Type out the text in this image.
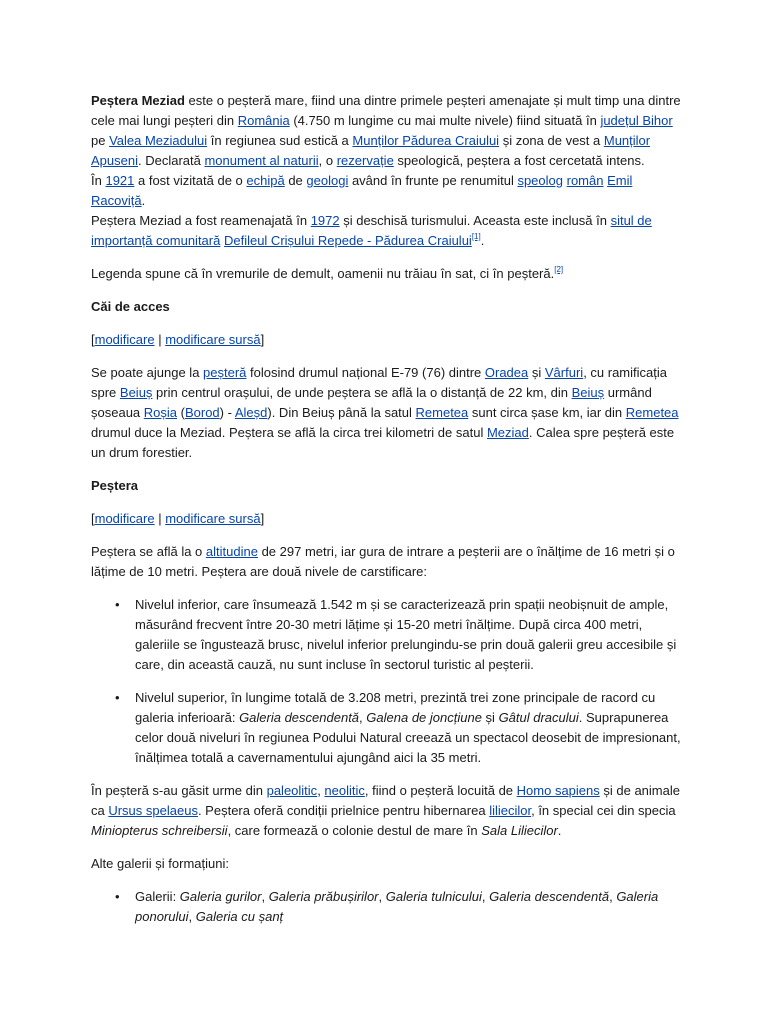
Peștera Meziad este o peșteră mare, fiind una dintre primele peșteri amenajate și mult timp una dintre cele mai lungi peșteri din România (4.750 m lungime cu mai multe nivele) fiind situată în județul Bihor pe Valea Meziadului în regiunea sud estică a Munților Pădurea Craiului și zona de vest a Munților Apuseni. Declarată monument al naturii, o rezervație speologică, peștera a fost cercetată intens.
În 1921 a fost vizitată de o echipă de geologi având în frunte pe renumitul speolog român Emil Racoviță.
Peștera Meziad a fost reamenajată în 1972 și deschisă turismului. Aceasta este inclusă în situl de importanță comunitară Defileul Crișului Repede - Pădurea Craiului[1].

Legenda spune că în vremurile de demult, oamenii nu trăiau în sat, ci în peșteră.[2]

Căi de acces

[modificare | modificare sursă]

Se poate ajunge la peșteră folosind drumul național E-79 (76) dintre Oradea și Vârfuri, cu ramificația spre Beiuș prin centrul orașului, de unde peștera se află la o distanță de 22 km, din Beiuș urmând șoseaua Roșia (Borod) - Aleșd). Din Beiuș până la satul Remetea sunt circa șase km, iar din Remetea drumul duce la Meziad. Peștera se află la circa trei kilometri de satul Meziad. Calea spre peșteră este un drum forestier.

Peștera

[modificare | modificare sursă]

Peștera se află la o altitudine de 297 metri, iar gura de intrare a peșterii are o înălțime de 16 metri și o lățime de 10 metri. Peștera are două nivele de carstificare:

• Nivelul inferior, care însumează 1.542 m și se caracterizează prin spații neobișnuit de ample, măsurând frecvent între 20-30 metri lățime și 15-20 metri înălțime. După circa 400 metri, galeriile se îngustează brusc, nivelul inferior prelungindu-se prin două galerii greu accesibile și care, din această cauză, nu sunt incluse în sectorul turistic al peșterii.
• Nivelul superior, în lungime totală de 3.208 metri, prezintă trei zone principale de racord cu galeria inferioară: Galeria descendentă, Galena de joncțiune și Gâtul dracului. Suprapunerea celor două niveluri în regiunea Podului Natural creează un spectacol deosebit de impresionant, înălțimea totală a cavernamentului ajungând aici la 35 metri.

În peșteră s-au găsit urme din paleolitic, neolitic, fiind o peșteră locuită de Homo sapiens și de animale ca Ursus spelaeus. Peștera oferă condiții prielnice pentru hibernarea liliecilor, în special cei din specia Miniopterus schreibersii, care formează o colonie destul de mare în Sala Liliecilor.

Alte galerii și formațiuni:

• Galerii: Galeria gurilor, Galeria prăbușirilor, Galeria tulnicului, Galeria descendentă, Galeria ponorului, Galeria cu șanț
